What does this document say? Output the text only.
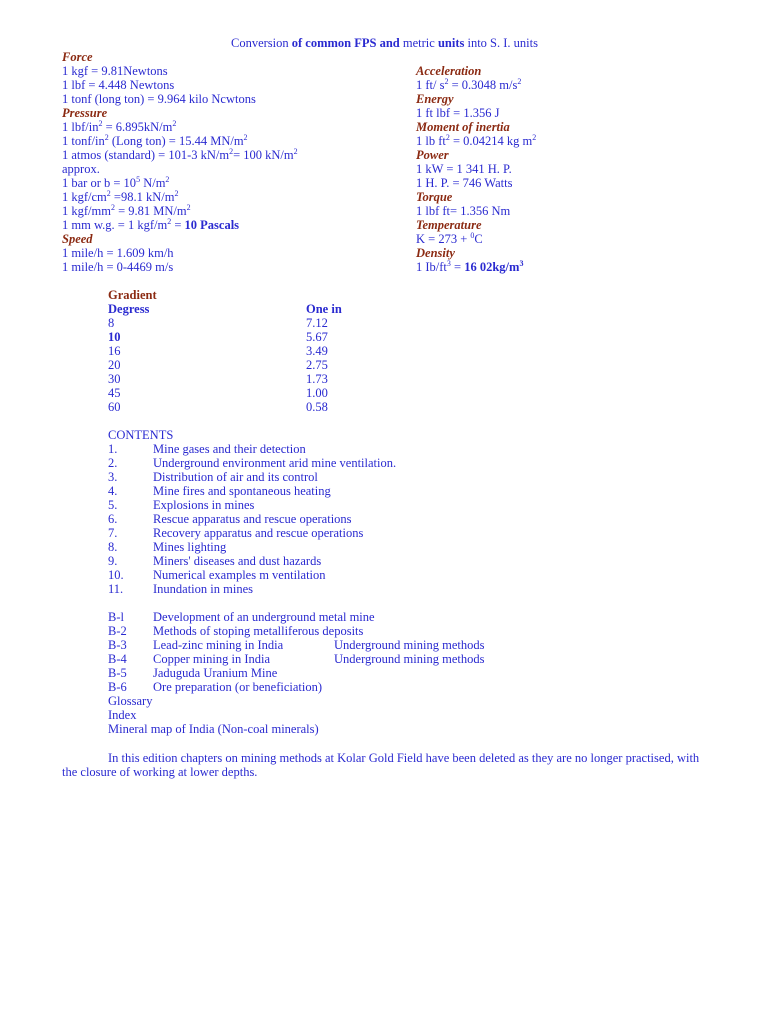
Conversion of common FPS and metric units into S. I. units
Force
1 kgf = 9.81Newtons
1 lbf = 4.448 Newtons
1 tonf (long ton) = 9.964 kilo Ncwtons
Pressure
1 lbf/$in^2 = 6.895kN/m^2$
1 tonf/$in^2$ (Long ton) = 15.44 $MN/m^2$
1 atmos (standard) = 101-3 $kN/m^2= 100$ $kN/m^2$
approx.
1 bar or $b = 10^5$ $N/m^2$
1 kgf/$cm^2 =98.1$ $kN/m^2$
1 kgf/$mm^2 = 9.81$ $MN/m^2$
1 mm w.g. = 1 kgf/$m^2 = 10$ Pascals
Speed
1 mile/h = 1.609 km/h
1 mile/h = 0-4469 m/s
Acceleration
1 ft/ $s^2 = 0.3048$ $m/s^2$
Energy
1 ft lbf = 1.356 J
Moment of inertia
1 lb $ft^2 = 0.04214$ kg $m^2$
Power
1 kW = 1 341 H. P.
1 H. P. = 746 Watts
Torque
1 lbf ft= 1.356 Nm
Temperature
K = 273 + $^0$C
Density
1 $Ib/ft^3 = 16$ $02kg/m^3$
Gradient
Degress	One in
8	7.12
10	5.67
16	3.49
20	2.75
30	1.73
45	1.00
60	0.58
CONTENTS
1.	Mine gases and their detection
2.	Underground environment arid mine ventilation.
3.	Distribution of air and its control
4.	Mine fires and spontaneous heating
5.	Explosions in mines
6.	Rescue apparatus and rescue operations
7.	Recovery apparatus and rescue operations
8.	Mines lighting
9.	Miners' diseases and dust hazards
10. Numerical examples m ventilation
11. Inundation in mines

B-l Development of an underground metal mine
B-2 Methods of stoping metalliferous deposits
B-3 Lead-zinc mining in India	Underground mining methods
B-4 Copper mining in India	Underground mining methods
B-5 Jaduguda Uranium Mine
B-6 Ore preparation (or beneficiation)
Glossary
Index
Mineral map of India (Non-coal minerals)
In this edition chapters on mining methods at Kolar Gold Field have been deleted as they are no longer practised, with the closure of working at lower depths.
